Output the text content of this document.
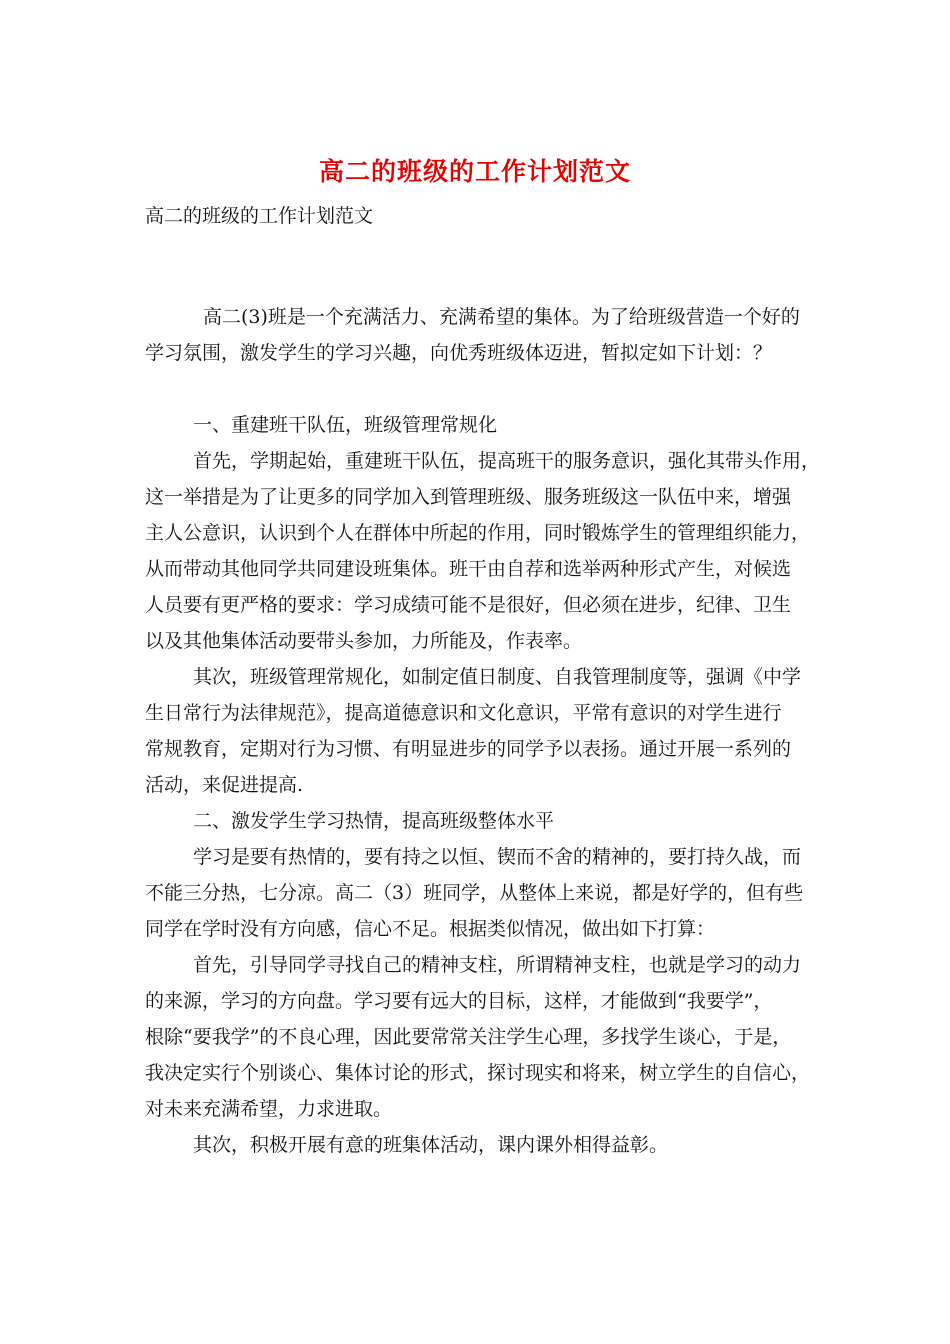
高二的班级的工作计划范文
高二的班级的工作计划范文
高二(3)班是一个充满活力、充满希望的集体。为了给班级营造一个好的
学习氛围，激发学生的学习兴趣，向优秀班级体迈进，暂拟定如下计划：？
一、重建班干队伍，班级管理常规化
首先，学期起始，重建班干队伍，提高班干的服务意识，强化其带头作用，
这一举措是为了让更多的同学加入到管理班级、服务班级这一队伍中来，增强
主人公意识，认识到个人在群体中所起的作用，同时锻炼学生的管理组织能力，
从而带动其他同学共同建设班集体。班干由自荐和选举两种形式产生，对候选
人员要有更严格的要求：学习成绩可能不是很好，但必须在进步，纪律、卫生
以及其他集体活动要带头参加，力所能及，作表率。
其次，班级管理常规化，如制定值日制度、自我管理制度等，强调《中学
生日常行为法律规范》，提高道德意识和文化意识，平常有意识的对学生进行
常规教育，定期对行为习惯、有明显进步的同学予以表扬。通过开展一系列的
活动，来促进提高.
二、激发学生学习热情，提高班级整体水平
学习是要有热情的，要有持之以恒、锲而不舍的精神的，要打持久战，而
不能三分热，七分凉。高二（3）班同学，从整体上来说，都是好学的，但有些
同学在学时没有方向感，信心不足。根据类似情况，做出如下打算：
首先，引导同学寻找自己的精神支柱，所谓精神支柱，也就是学习的动力
的来源，学习的方向盘。学习要有远大的目标，这样，才能做到“我要学”，
根除“要我学”的不良心理，因此要常常关注学生心理，多找学生谈心，于是，
我决定实行个别谈心、集体讨论的形式，探讨现实和将来，树立学生的自信心，
对未来充满希望，力求进取。
其次，积极开展有意的班集体活动，课内课外相得益彰。
